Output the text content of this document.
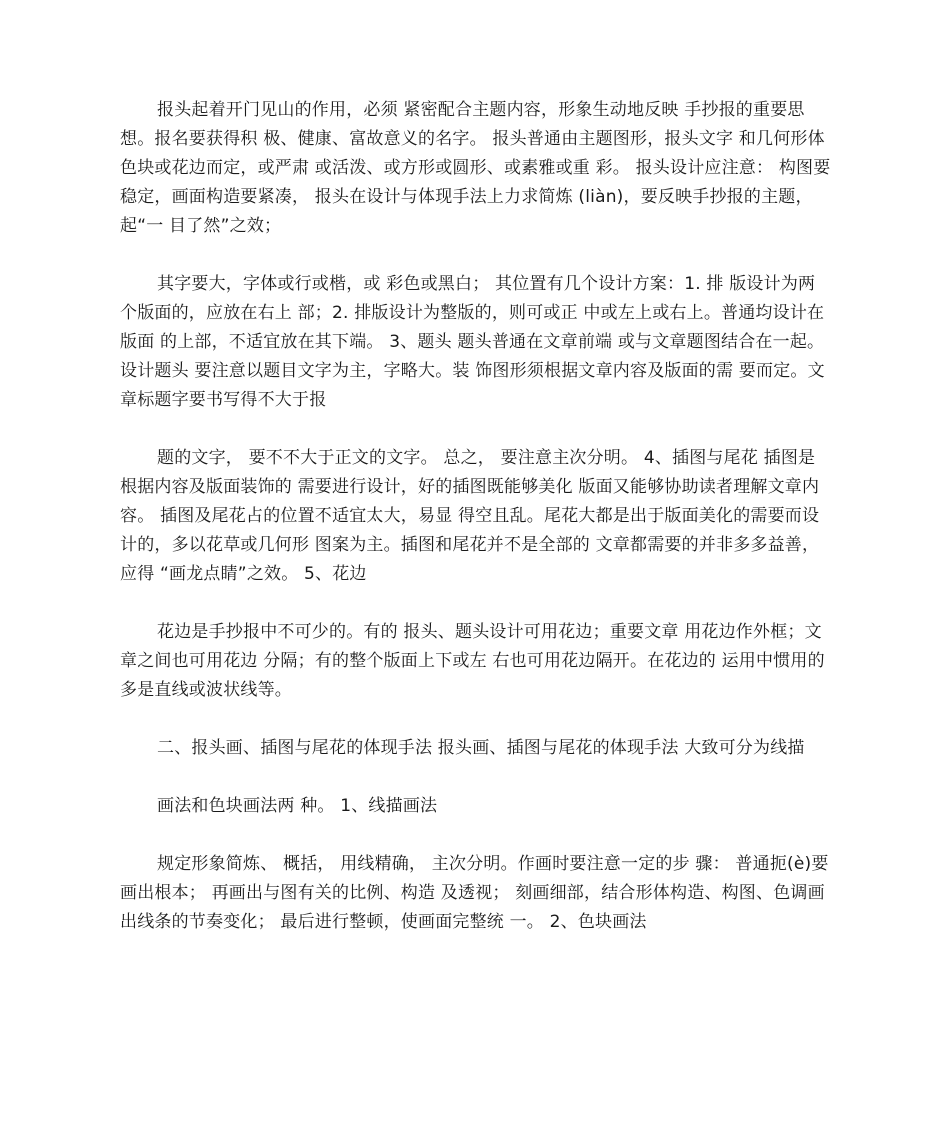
报头起着开门见山的作用，必须 紧密配合主题内容，形象生动地反映 手抄报的重要思想。报名要获得积 极、健康、富故意义的名字。 报头普通由主题图形，报头文字 和几何形体色块或花边而定，或严肃 或活泼、或方形或圆形、或素雅或重 彩。 报头设计应注意： 构图要稳定，画面构造要紧凑， 报头在设计与体现手法上力求简炼 (liàn)，要反映手抄报的主题，起“一 目了然”之效；

其字要大，字体或行或楷，或 彩色或黑白； 其位置有几个设计方案：1. 排 版设计为两个版面的，应放在右上 部；2. 排版设计为整版的，则可或正 中或左上或右上。普通均设计在版面 的上部，不适宜放在其下端。 3、题头 题头普通在文章前端 或与文章题图结合在一起。设计题头 要注意以题目文字为主，字略大。装 饰图形须根据文章内容及版面的需 要而定。文章标题字要书写得不大于报

题的文字， 要不不大于正文的文字。 总之， 要注意主次分明。 4、插图与尾花 插图是根据内容及版面装饰的 需要进行设计，好的插图既能够美化 版面又能够协助读者理解文章内容。 插图及尾花占的位置不适宜太大，易显 得空且乱。尾花大都是出于版面美化的需要而设计的，多以花草或几何形 图案为主。插图和尾花并不是全部的 文章都需要的并非多多益善，应得 “画龙点睛”之效。 5、花边

花边是手抄报中不可少的。有的 报头、题头设计可用花边；重要文章 用花边作外框；文章之间也可用花边 分隔；有的整个版面上下或左 右也可用花边隔开。在花边的 运用中惯用的多是直线或波状线等。

二、报头画、插图与尾花的体现手法 报头画、插图与尾花的体现手法 大致可分为线描

画法和色块画法两 种。 1、线描画法

规定形象简炼、 概括， 用线精确， 主次分明。作画时要注意一定的步 骤： 普通扼(è)要画出根本； 再画出与图有关的比例、构造 及透视； 刻画细部，结合形体构造、构图、色调画出线条的节奏变化； 最后进行整顿，使画面完整统 一。 2、色块画法
